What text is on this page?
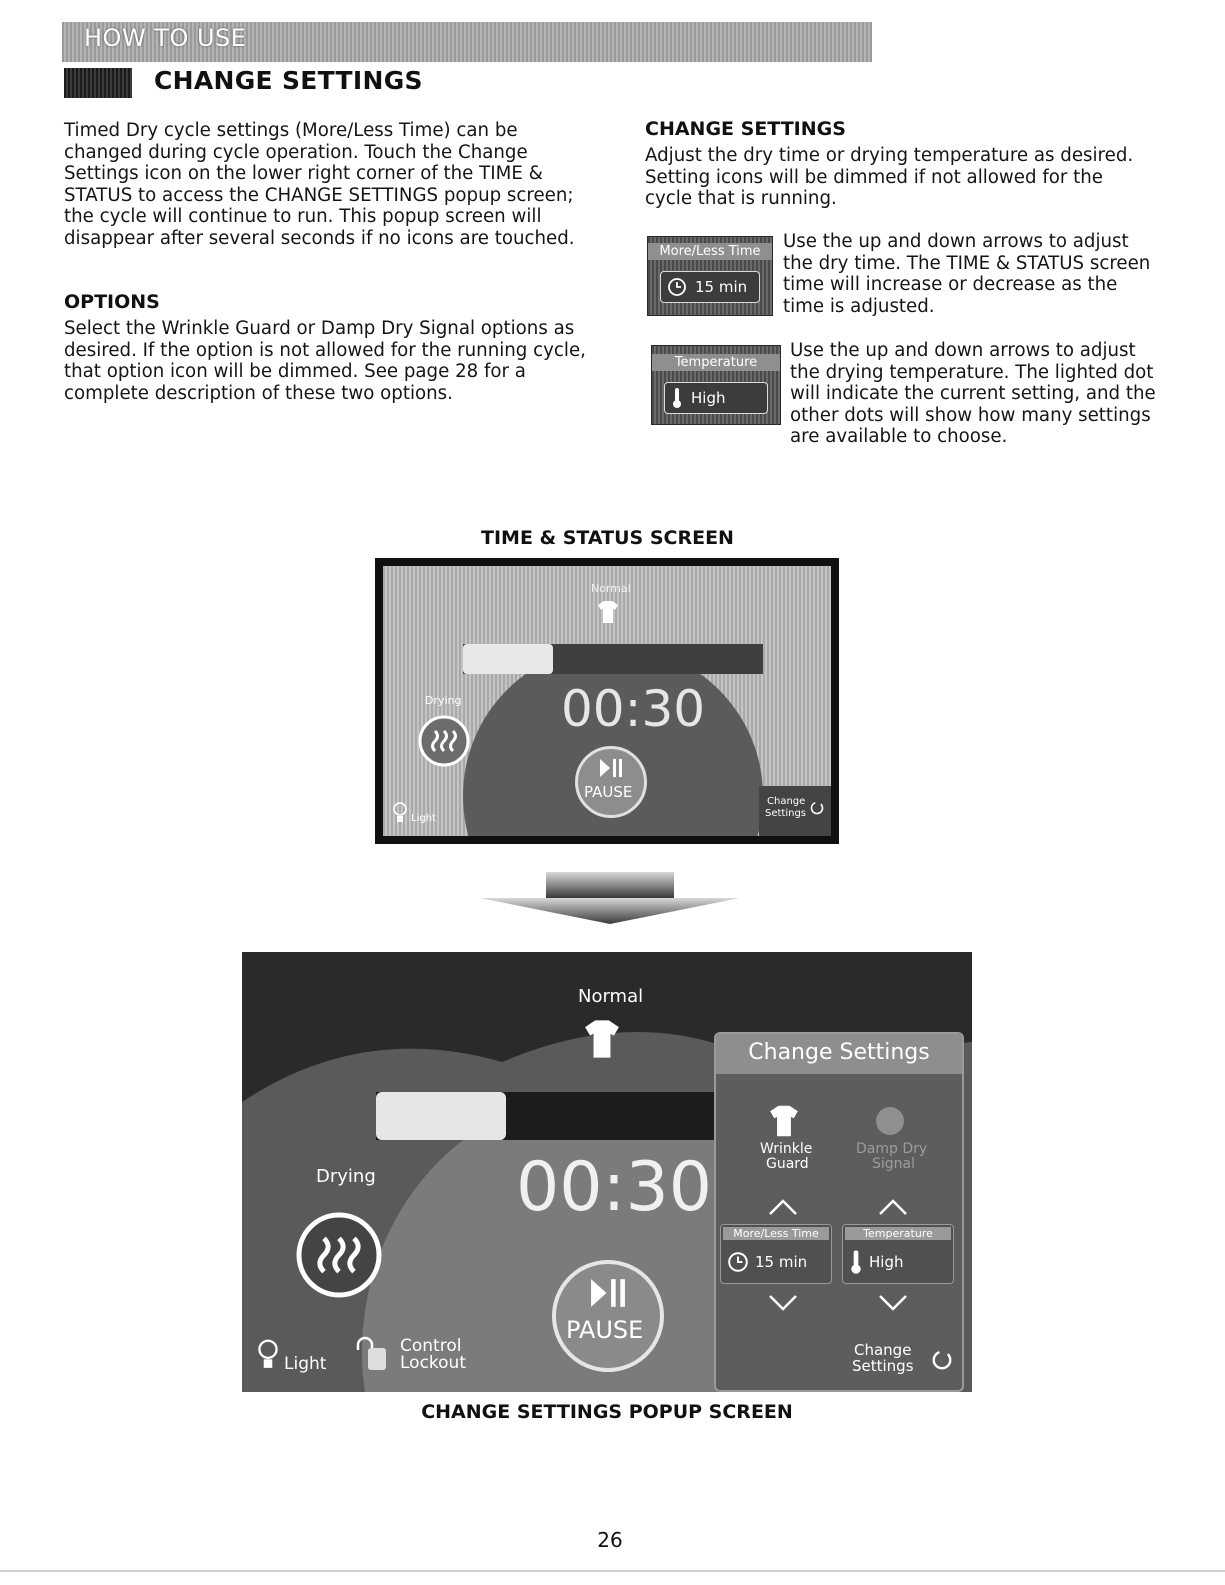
HOW TO USE
CHANGE SETTINGS
Timed Dry cycle settings (More/Less Time) can be changed during cycle operation. Touch the Change Settings icon on the lower right corner of the TIME & STATUS to access the CHANGE SETTINGS popup screen; the cycle will continue to run. This popup screen will disappear after several seconds if no icons are touched.
OPTIONS
Select the Wrinkle Guard or Damp Dry Signal options as desired. If the option is not allowed for the running cycle, that option icon will be dimmed. See page 28 for a complete description of these two options.
CHANGE SETTINGS
Adjust the dry time or drying temperature as desired. Setting icons will be dimmed if not allowed for the cycle that is running.
More/Less Time
15 min
Use the up and down arrows to adjust the dry time. The TIME & STATUS screen time will increase or decrease as the time is adjusted.
Temperature
High
Use the up and down arrows to adjust the drying temperature. The lighted dot will indicate the current setting, and the other dots will show how many settings are available to choose.
TIME & STATUS SCREEN
Normal
Drying 00:30
PAUSE
Light
Change
Settings
CHANGE SETTINGS POPUP SCREEN
Normal
Drying 00:30
PAUSE
Light
Control
Lockout
Change Settings
Wrinkle
Guard
Damp Dry
Signal
More/Less Time
15 min
Temperature
High
Change
Settings
26
